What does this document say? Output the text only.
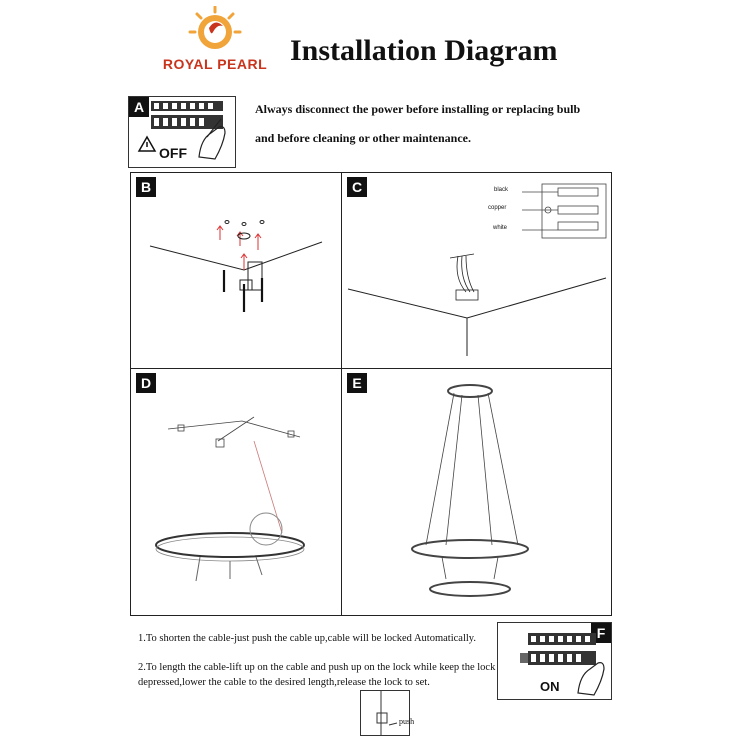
ROYAL PEARL Installation Diagram
A
OFF
Always disconnect the power before installing or replacing bulb
and before cleaning or other maintenance.
B	C	black
copper
white
D	E
1.To shorten the cable-just push the cable up,cable will be locked Automatically.
2.To length the cable-lift up on the cable and push up on the lock while keep the lock
depressed,lower the cable to the desired length,release the lock to set.
F
ON
push
